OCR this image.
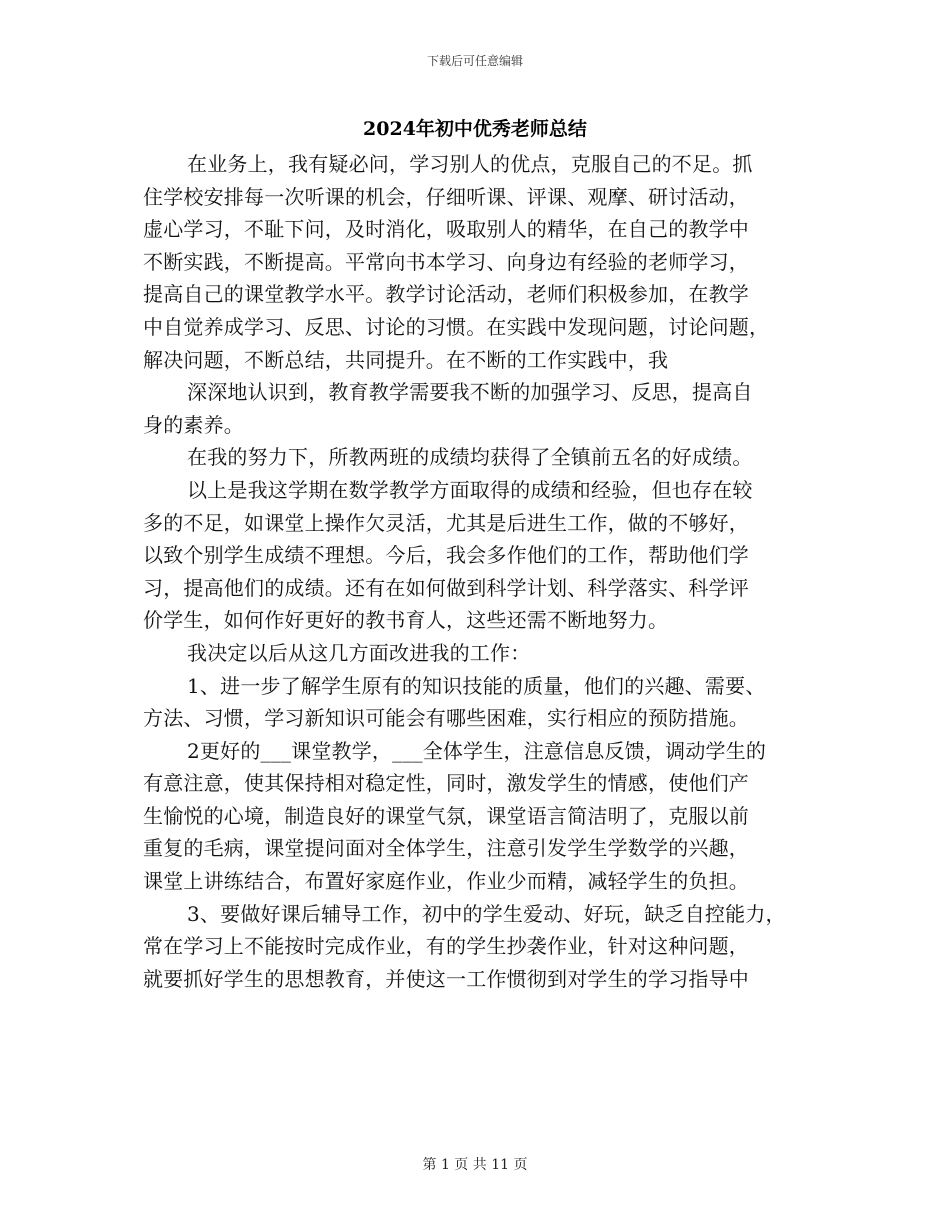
下载后可任意编辑
2024年初中优秀老师总结
在业务上，我有疑必问，学习别人的优点，克服自己的不足。抓
住学校安排每一次听课的机会，仔细听课、评课、观摩、研讨活动，
虚心学习，不耻下问，及时消化，吸取别人的精华，在自己的教学中
不断实践，不断提高。平常向书本学习、向身边有经验的老师学习，
提高自己的课堂教学水平。教学讨论活动，老师们积极参加，在教学
中自觉养成学习、反思、讨论的习惯。在实践中发现问题，讨论问题，
解决问题，不断总结，共同提升。在不断的工作实践中，我
深深地认识到，教育教学需要我不断的加强学习、反思，提高自
身的素养。
在我的努力下，所教两班的成绩均获得了全镇前五名的好成绩。
以上是我这学期在数学教学方面取得的成绩和经验，但也存在较
多的不足，如课堂上操作欠灵活，尤其是后进生工作，做的不够好，
以致个别学生成绩不理想。今后，我会多作他们的工作，帮助他们学
习，提高他们的成绩。还有在如何做到科学计划、科学落实、科学评
价学生，如何作好更好的教书育人，这些还需不断地努力。
我决定以后从这几方面改进我的工作：
1、进一步了解学生原有的知识技能的质量，他们的兴趣、需要、
方法、习惯，学习新知识可能会有哪些困难，实行相应的预防措施。
2更好的___课堂教学，___全体学生，注意信息反馈，调动学生的
有意注意，使其保持相对稳定性，同时，激发学生的情感，使他们产
生愉悦的心境，制造良好的课堂气氛，课堂语言简洁明了，克服以前
重复的毛病，课堂提问面对全体学生，注意引发学生学数学的兴趣，
课堂上讲练结合，布置好家庭作业，作业少而精，减轻学生的负担。
3、要做好课后辅导工作，初中的学生爱动、好玩，缺乏自控能力，
常在学习上不能按时完成作业，有的学生抄袭作业，针对这种问题，
就要抓好学生的思想教育，并使这一工作惯彻到对学生的学习指导中
第 1 页 共 11 页
